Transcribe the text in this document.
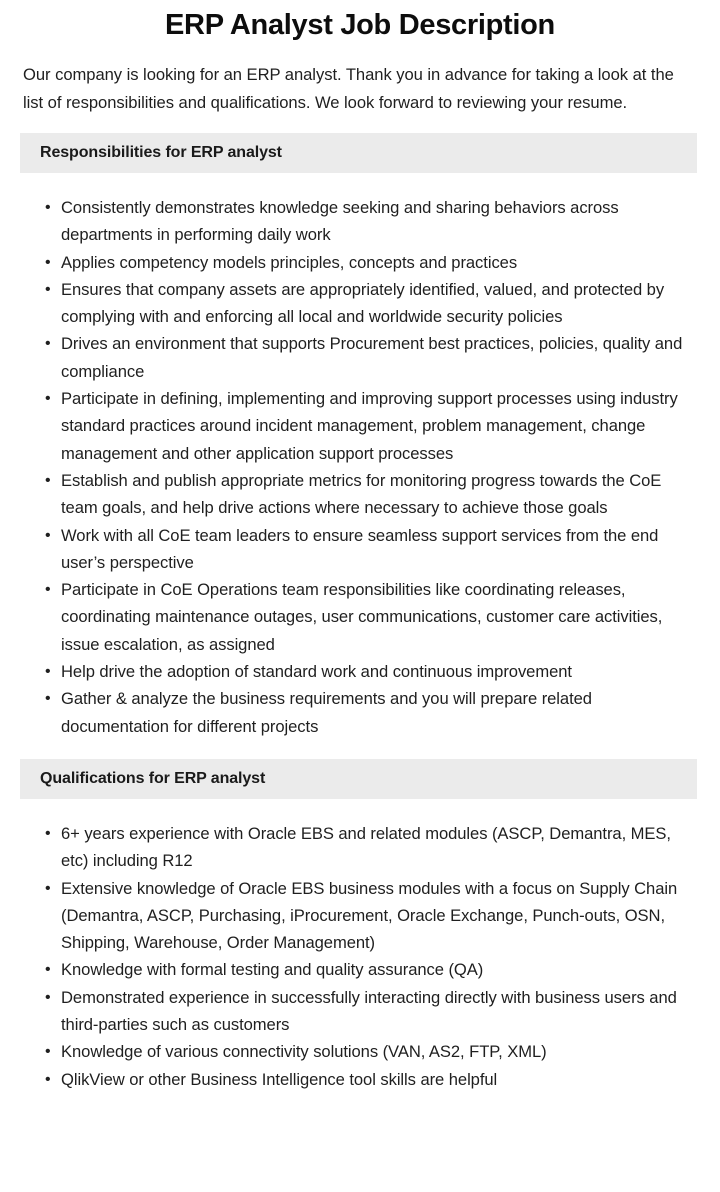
ERP Analyst Job Description

Our company is looking for an ERP analyst. Thank you in advance for taking a look at the list of responsibilities and qualifications. We look forward to reviewing your resume.

Responsibilities for ERP analyst
• Consistently demonstrates knowledge seeking and sharing behaviors across departments in performing daily work
• Applies competency models principles, concepts and practices
• Ensures that company assets are appropriately identified, valued, and protected by complying with and enforcing all local and worldwide security policies
• Drives an environment that supports Procurement best practices, policies, quality and compliance
• Participate in defining, implementing and improving support processes using industry standard practices around incident management, problem management, change management and other application support processes
• Establish and publish appropriate metrics for monitoring progress towards the CoE team goals, and help drive actions where necessary to achieve those goals
• Work with all CoE team leaders to ensure seamless support services from the end user’s perspective
• Participate in CoE Operations team responsibilities like coordinating releases, coordinating maintenance outages, user communications, customer care activities, issue escalation, as assigned
• Help drive the adoption of standard work and continuous improvement
• Gather & analyze the business requirements and you will prepare related documentation for different projects
Qualifications for ERP analyst
• 6+ years experience with Oracle EBS and related modules (ASCP, Demantra, MES, etc) including R12
• Extensive knowledge of Oracle EBS business modules with a focus on Supply Chain (Demantra, ASCP, Purchasing, iProcurement, Oracle Exchange, Punch-outs, OSN, Shipping, Warehouse, Order Management)
• Knowledge with formal testing and quality assurance (QA)
• Demonstrated experience in successfully interacting directly with business users and third-parties such as customers
• Knowledge of various connectivity solutions (VAN, AS2, FTP, XML)
• QlikView or other Business Intelligence tool skills are helpful
